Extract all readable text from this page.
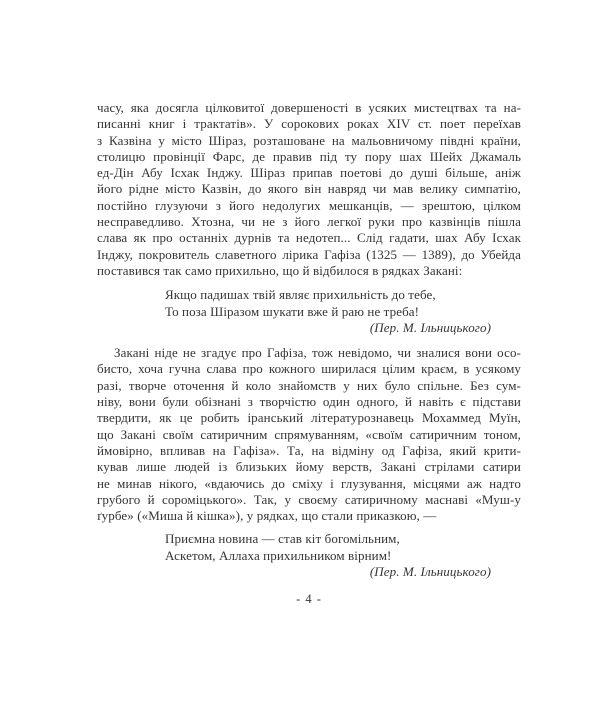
часу, яка досягла цілковитої довершеності в усяких мистецтвах та на-
писанні книг і трактатів». У сорокових роках XIV ст. поет переїхав
з Казвіна у місто Шіраз, розташоване на мальовничому півдні країни,
столицю провінції Фарс, де правив під ту пору шах Шейх Джамаль
ед-Дін Абу Ісхак Інджу. Шіраз припав поетові до душі більше, аніж
його рідне місто Казвін, до якого він навряд чи мав велику симпатію,
постійно глузуючи з його недолугих мешканців, — зрештою, цілком
несправедливо. Хтозна, чи не з його легкої руки про казвінців пішла
слава як про останніх дурнів та недотеп... Слід гадати, шах Абу Ісхак
Інджу, покровитель славетного лірика Гафіза (1325 — 1389), до Убейда
поставився так само прихильно, що й відбилося в рядках Закані:
Якщо падишах твій являє прихильність до тебе,
То поза Шіразом шукати вже й раю не треба!
(Пер. М. Ільницького)
Закані ніде не згадує про Гафіза, тож невідомо, чи зналися вони осо-
бисто, хоча гучна слава про кожного ширилася цілим краєм, в усякому
разі, творче оточення й коло знайомств у них було спільне. Без сум-
ніву, вони були обізнані з творчістю один одного, й навіть є підстави
твердити, як це робить іранський літературознавець Мохаммед Муїн,
що Закані своїм сатиричним спрямуванням, «своїм сатиричним тоном,
ймовірно, впливав на Гафіза». Та, на відміну од Гафіза, який крити-
кував лише людей із близьких йому верств, Закані стрілами сатири
не минав нікого, «вдаючись до сміху і глузування, місцями аж надто
грубого й сороміцького». Так, у своєму сатиричному маснаві «Муш-у
ґурбе» («Миша й кішка»), у рядках, що стали приказкою, —
Приємна новина — став кіт богомільним,
Аскетом, Аллаха прихильником вірним!
(Пер. М. Ільницького)
- 4 -
